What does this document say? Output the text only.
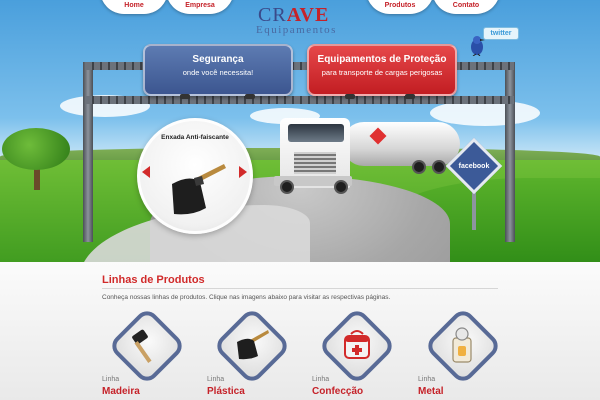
Home	Empresa	Produtos	Contato
CRAVE
Equipamentos	twitter
Segurança
onde você necessita!
Equipamentos de Proteção
para transporte de cargas perigosas
Enxada Anti-faiscante
facebook
Linhas de Produtos
Conheça nossas linhas de produtos. Clique nas imagens abaixo para visitar as respectivas páginas.
Linha
Madeira
Linha
Plástica
Linha
Confecção
Linha
Metal
